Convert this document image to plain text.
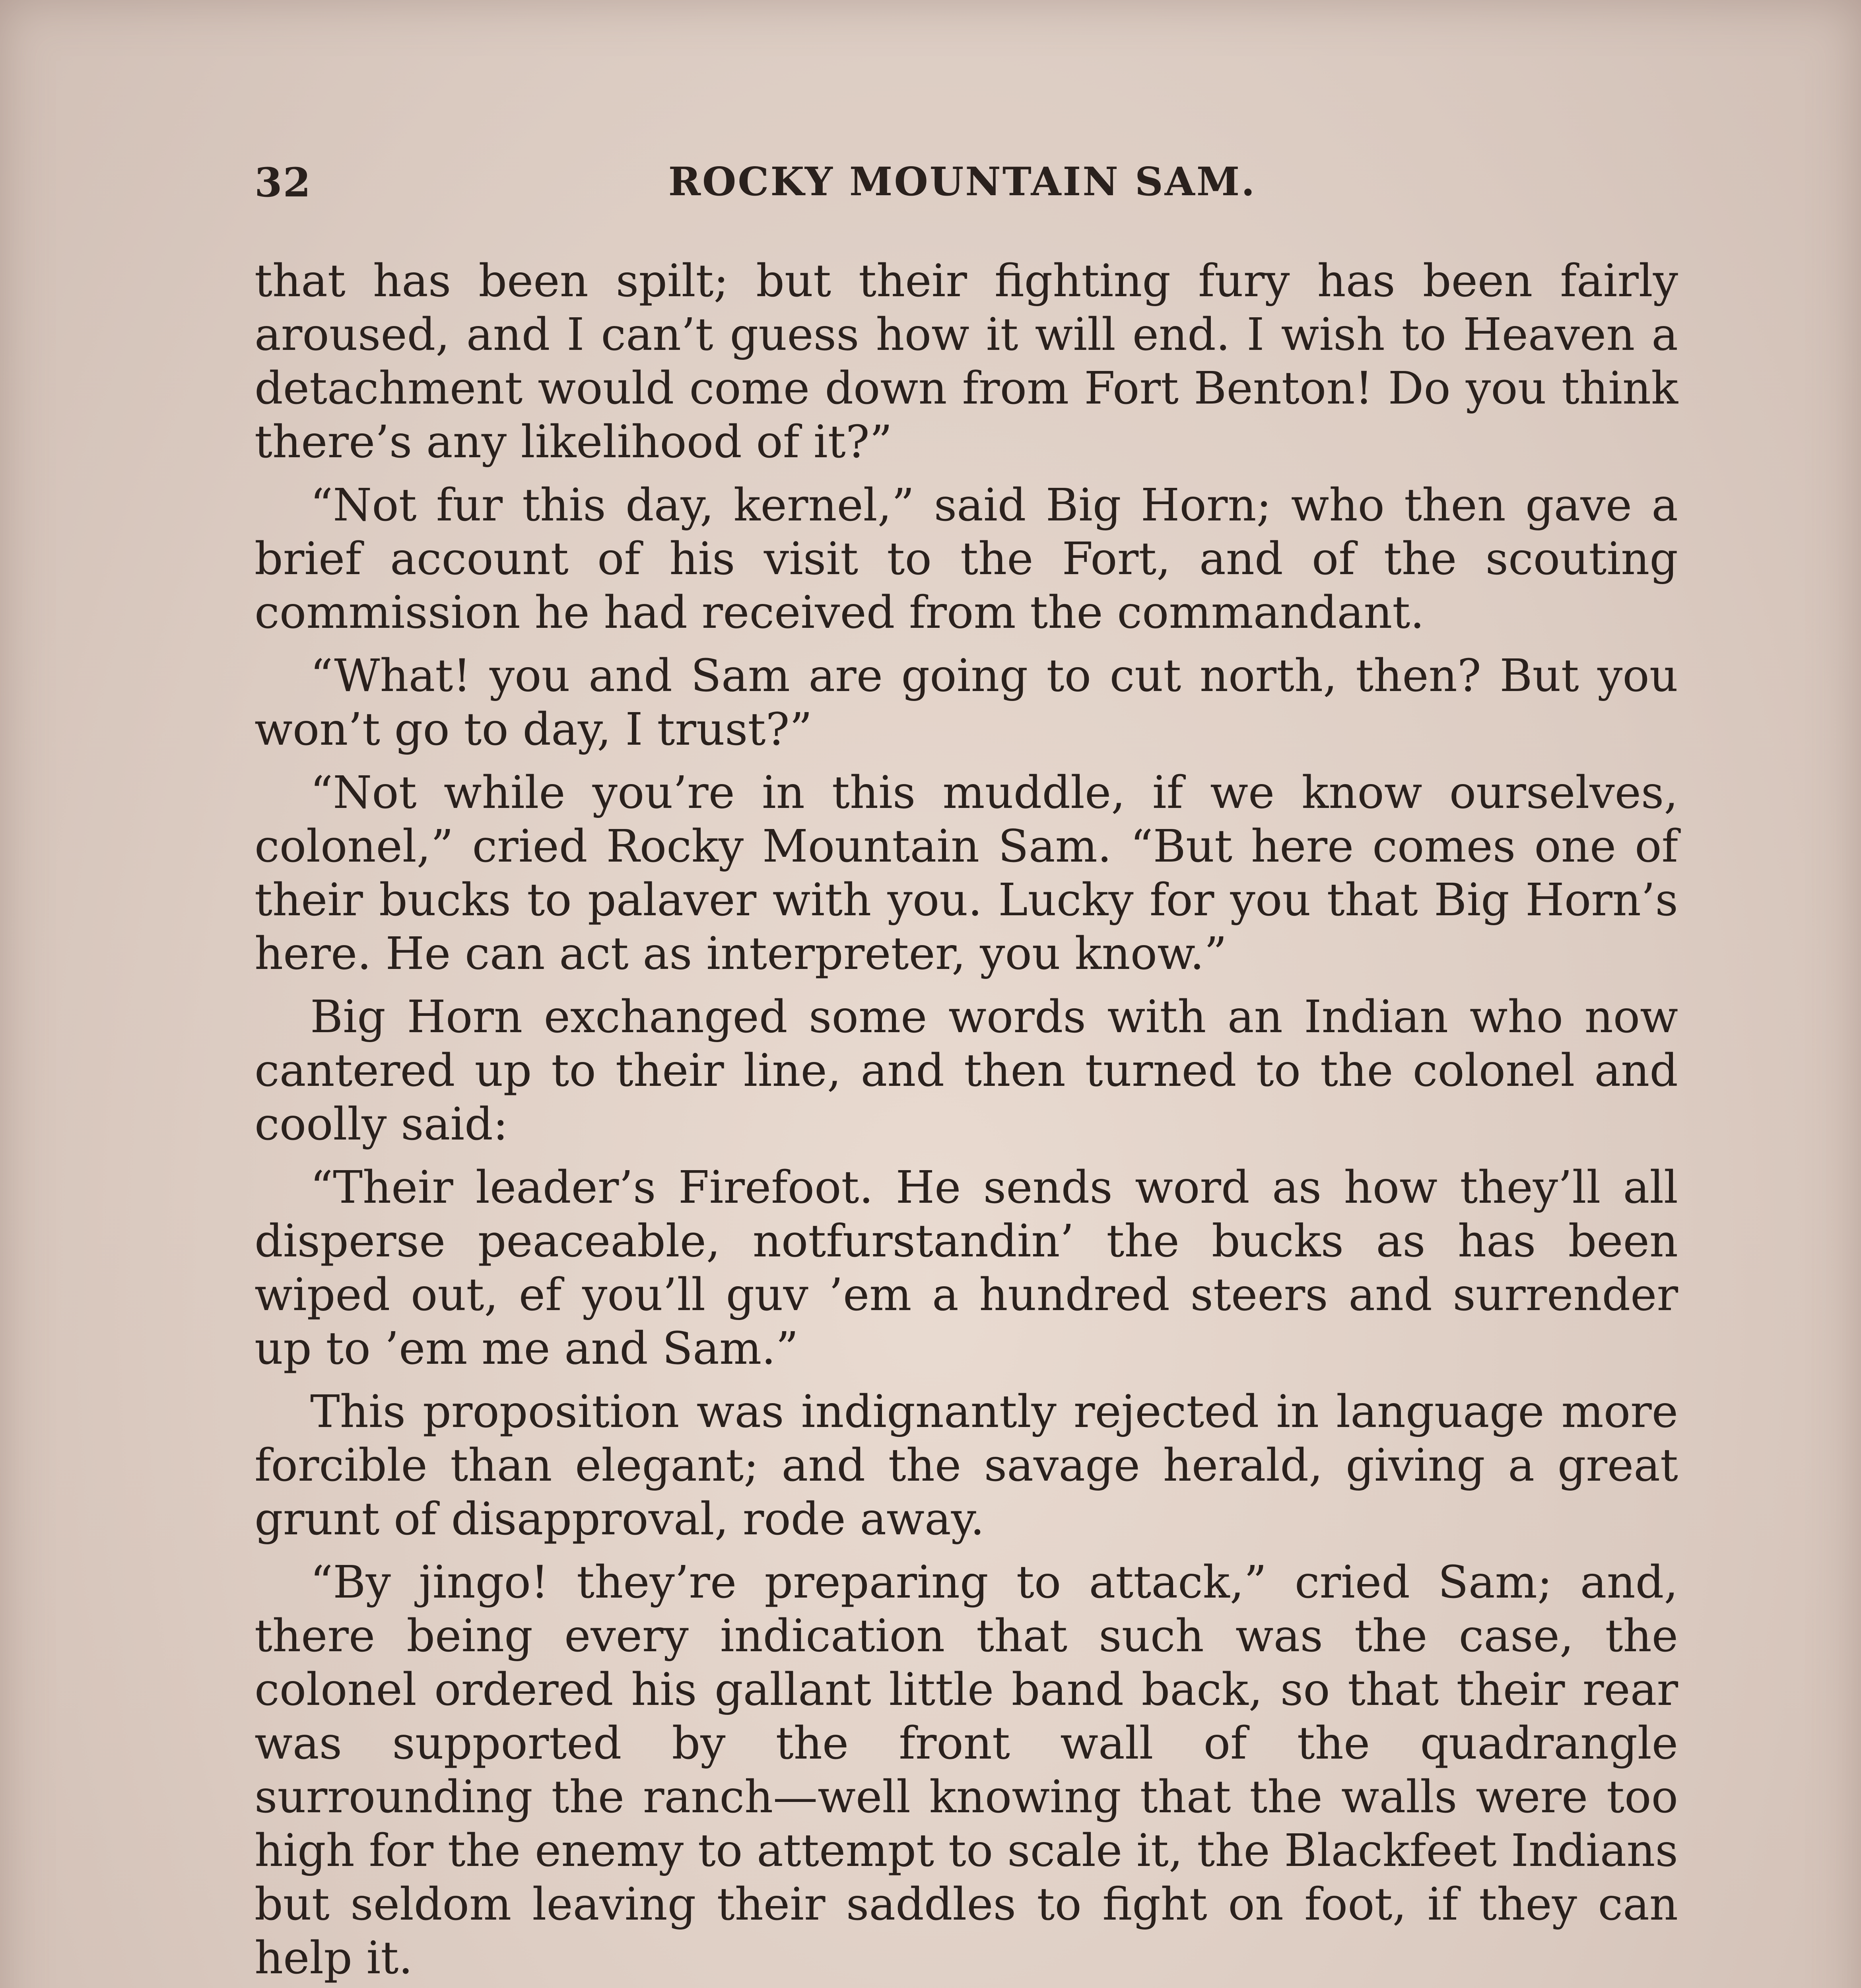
32	ROCKY MOUNTAIN SAM.

that has been spilt; but their fighting fury has been fairly aroused, and I can’t guess how it will end. I wish to Heaven a detachment would come down from Fort Benton! Do you think there’s any likelihood of it?”

“Not fur this day, kernel,” said Big Horn; who then gave a brief account of his visit to the Fort, and of the scouting commission he had received from the commandant.

“What! you and Sam are going to cut north, then? But you won’t go to day, I trust?”

“Not while you’re in this muddle, if we know ourselves, colonel,” cried Rocky Mountain Sam. “But here comes one of their bucks to palaver with you. Lucky for you that Big Horn’s here. He can act as interpreter, you know.”

Big Horn exchanged some words with an Indian who now cantered up to their line, and then turned to the colonel and coolly said:

“Their leader’s Firefoot. He sends word as how they’ll all disperse peaceable, notfurstandin’ the bucks as has been wiped out, ef you’ll guv ’em a hundred steers and surrender up to ’em me and Sam.”

This proposition was indignantly rejected in language more forcible than elegant; and the savage herald, giving a great grunt of disapproval, rode away.

“By jingo! they’re preparing to attack,” cried Sam; and, there being every indication that such was the case, the colonel ordered his gallant little band back, so that their rear was supported by the front wall of the quadrangle surrounding the ranch—well knowing that the walls were too high for the enemy to attempt to scale it, the Blackfeet Indians but seldom leaving their saddles to fight on foot, if they can help it.
